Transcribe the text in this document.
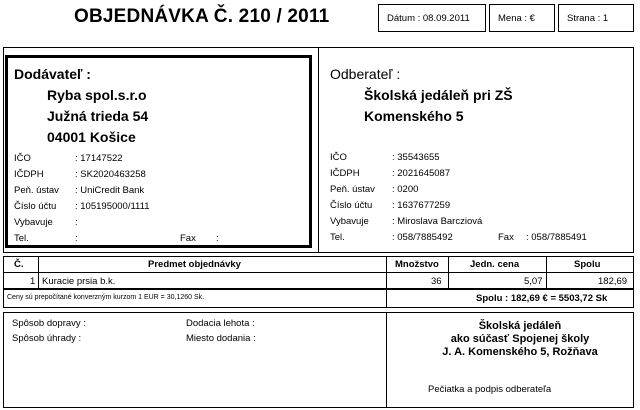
OBJEDNÁVKA Č. 210 / 2011	Dátum : 08.09.2011	Mena : €	Strana : 1
Dodávateľ :
Ryba spol.s.r.o
Južná trieda 54
04001 Košice
IČO	: 17147522
IČDPH	: SK2020463258
Peň. ústav : UniCredit Bank
Číslo účtu : 105195000/1111
Vybavuje :
Tel.	:	Fax :
Odberateľ :
Školská jedáleň pri ZŠ
Komenského 5
IČO	: 35543655
IČDPH	: 2021645087
Peň. ústav : 0200
Číslo účtu : 1637677259
Vybavuje : Miroslava Barcziová
Tel.	: 058/7885492	Fax : 058/7885491
Č.	Predmet objednávky	Množstvo	Jedn. cena	Spolu
1 Kuracie prsia b.k.	36	5,07	182,69
Ceny sú prepočítané konverzným kurzom 1 EUR = 30,1260 Sk.	Spolu : 182,69 € = 5503,72 Sk
Spôsob dopravy :
Spôsob úhrady :
Dodacia lehota :
Miesto dodania :
Školská jedáleň
ako súčasť Spojenej školy
J. A. Komenského 5, Rožňava
Pečiatka a podpis odberateľa
